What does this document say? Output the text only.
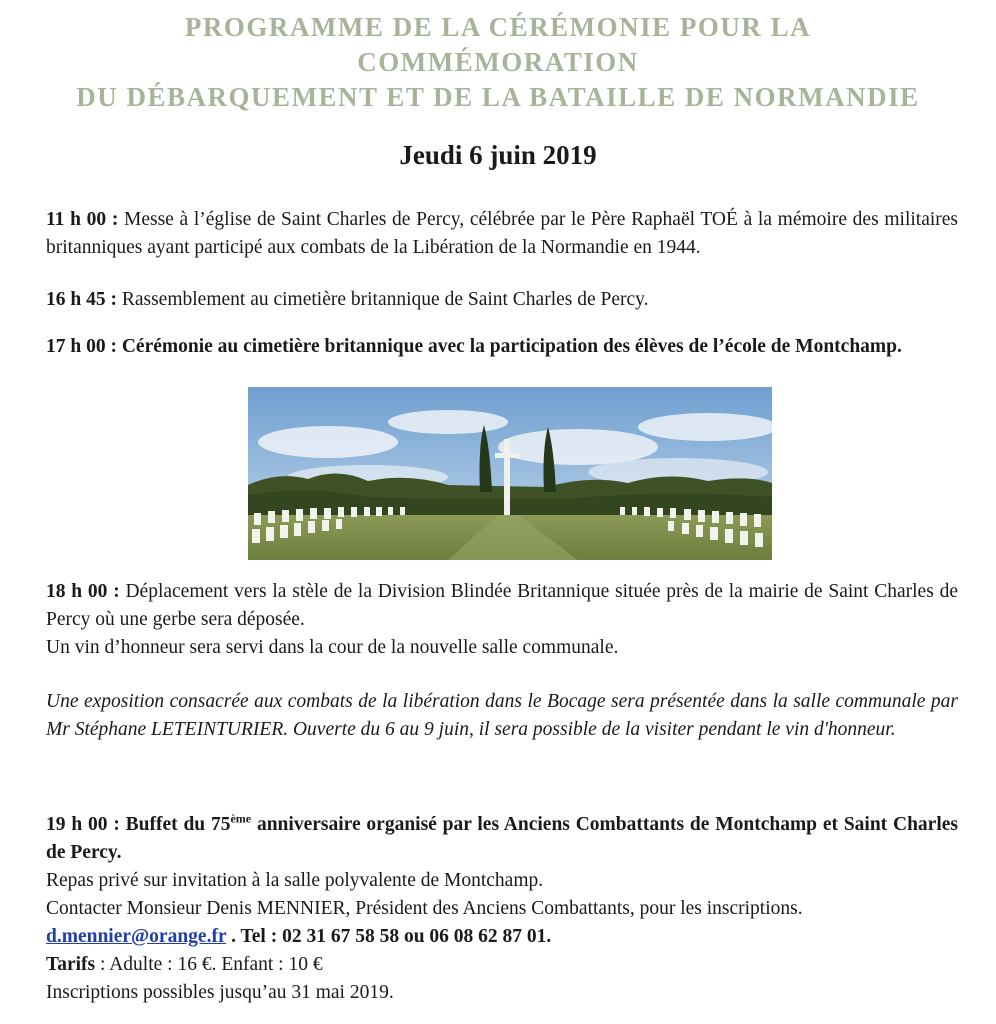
PROGRAMME DE LA CÉRÉMONIE POUR LA
COMMÉMORATION
DU DÉBARQUEMENT ET DE LA BATAILLE DE NORMANDIE
Jeudi 6 juin 2019

11 h 00 : Messe à l’église de Saint Charles de Percy, célébrée par le Père Raphaël TOÉ à la mémoire des militaires britanniques ayant participé aux combats de la Libération de la Normandie en 1944.

16 h 45 : Rassemblement au cimetière britannique de Saint Charles de Percy.

17 h 00 : Cérémonie au cimetière britannique avec la participation des élèves de l’école de Montchamp.

18 h 00 : Déplacement vers la stèle de la Division Blindée Britannique située près de la mairie de Saint Charles de Percy où une gerbe sera déposée.
Un vin d’honneur sera servi dans la cour de la nouvelle salle communale.

Une exposition consacrée aux combats de la libération dans le Bocage sera présentée dans la salle communale par Mr Stéphane LETEINTURIER. Ouverte du 6 au 9 juin, il sera possible de la visiter pendant le vin d'honneur.

19 h 00 : Buffet du 75ème anniversaire organisé par les Anciens Combattants de Montchamp et Saint Charles de Percy.
Repas privé sur invitation à la salle polyvalente de Montchamp.
Contacter Monsieur Denis MENNIER, Président des Anciens Combattants, pour les inscriptions.
d.mennier@orange.fr . Tel : 02 31 67 58 58 ou 06 08 62 87 01.
Tarifs : Adulte : 16 €. Enfant : 10 €
Inscriptions possibles jusqu’au 31 mai 2019.
